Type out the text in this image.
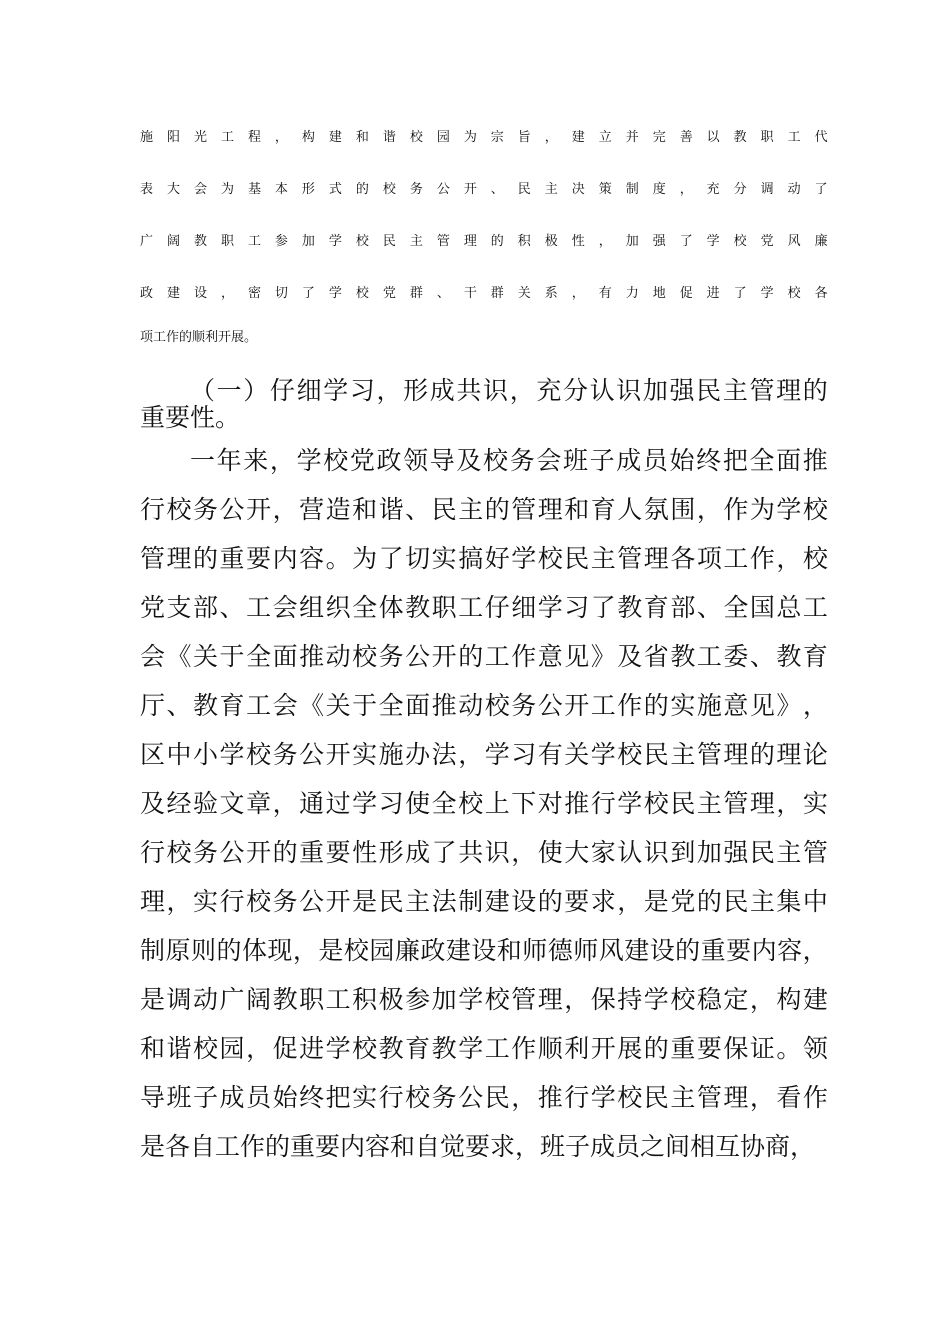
施 阳 光 工 程 ， 构 建 和 谐 校 园 为 宗 旨 ， 建 立 并 完 善 以 教 职 工 代
表 大 会 为 基 本 形 式 的 校 务 公 开 、 民 主 决 策 制 度 ， 充 分 调 动 了
广 阔 教 职 工 参 加 学 校 民 主 管 理 的 积 极 性 ， 加 强 了 学 校 党 风 廉
政 建 设 ， 密 切 了 学 校 党 群 、 干 群 关 系 ， 有 力 地 促 进 了 学 校 各
项工作的顺利开展。
（ 一 ） 仔 细 学 习 ， 形 成 共 识 ， 充 分 认 识 加 强 民 主 管 理 的
重要性。
一 年 来 ， 学 校 党 政 领 导 及 校 务 会 班 子 成 员 始 终 把 全 面 推
行 校 务 公 开 ， 营 造 和 谐 、 民 主 的 管 理 和 育 人 氛 围 ， 作 为 学 校
管 理 的 重 要 内 容 。 为 了 切 实 搞 好 学 校 民 主 管 理 各 项 工 作 ， 校
党 支 部 、 工 会 组 织 全 体 教 职 工 仔 细 学 习 了 教 育 部 、 全 国 总 工
会 《 关 于 全 面 推 动 校 务 公 开 的 工 作 意 见 》 及 省 教 工 委 、 教 育
厅 、 教 育 工 会 《 关 于 全 面 推 动 校 务 公 开 工 作 的 实 施 意 见 》 ，
区 中 小 学 校 务 公 开 实 施 办 法 ， 学 习 有 关 学 校 民 主 管 理 的 理 论
及 经 验 文 章 ， 通 过 学 习 使 全 校 上 下 对 推 行 学 校 民 主 管 理 ， 实
行 校 务 公 开 的 重 要 性 形 成 了 共 识 ， 使 大 家 认 识 到 加 强 民 主 管
理 ， 实 行 校 务 公 开 是 民 主 法 制 建 设 的 要 求 ， 是 党 的 民 主 集 中
制 原 则 的 体 现 ， 是 校 园 廉 政 建 设 和 师 德 师 风 建 设 的 重 要 内 容 ，
是 调 动 广 阔 教 职 工 积 极 参 加 学 校 管 理 ， 保 持 学 校 稳 定 ， 构 建
和 谐 校 园 ， 促 进 学 校 教 育 教 学 工 作 顺 利 开 展 的 重 要 保 证 。 领
导 班 子 成 员 始 终 把 实 行 校 务 公 民 ， 推 行 学 校 民 主 管 理 ， 看 作
是各自工作的重要内容和自觉要求，班子成员之间相互协商，
